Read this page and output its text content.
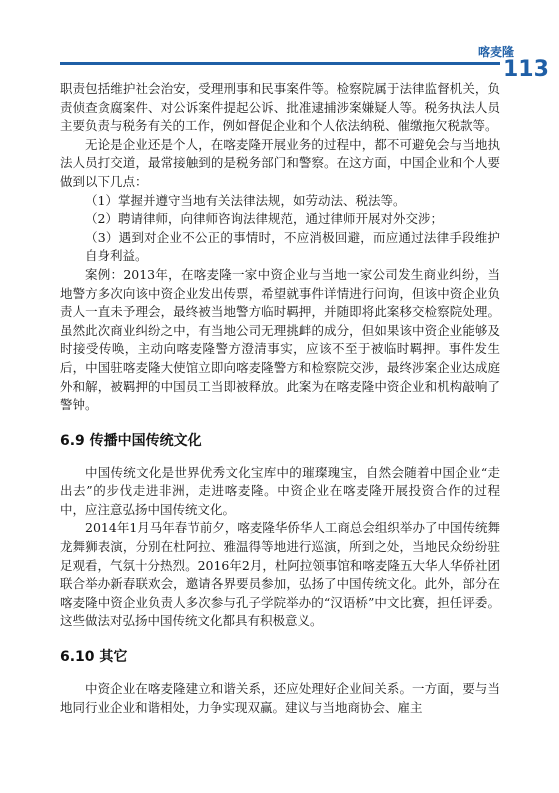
喀麦隆
113

职责包括维护社会治安，受理刑事和民事案件等。检察院属于法律监督机关，负责侦查贪腐案件、对公诉案件提起公诉、批准逮捕涉案嫌疑人等。税务执法人员主要负责与税务有关的工作，例如督促企业和个人依法纳税、催缴拖欠税款等。

无论是企业还是个人，在喀麦隆开展业务的过程中，都不可避免会与当地执法人员打交道，最常接触到的是税务部门和警察。在这方面，中国企业和个人要做到以下几点：

（1）掌握并遵守当地有关法律法规，如劳动法、税法等。

（2）聘请律师，向律师咨询法律规范，通过律师开展对外交涉；

（3）遇到对企业不公正的事情时，不应消极回避，而应通过法律手段维护自身利益。

案例：2013年，在喀麦隆一家中资企业与当地一家公司发生商业纠纷，当地警方多次向该中资企业发出传票，希望就事件详情进行问询，但该中资企业负责人一直未予理会，最终被当地警方临时羁押，并随即将此案移交检察院处理。虽然此次商业纠纷之中，有当地公司无理挑衅的成分，但如果该中资企业能够及时接受传唤，主动向喀麦隆警方澄清事实，应该不至于被临时羁押。事件发生后，中国驻喀麦隆大使馆立即向喀麦隆警方和检察院交涉，最终涉案企业达成庭外和解，被羁押的中国员工当即被释放。此案为在喀麦隆中资企业和机构敲响了警钟。

6.9 传播中国传统文化

中国传统文化是世界优秀文化宝库中的璀璨瑰宝，自然会随着中国企业“走出去”的步伐走进非洲，走进喀麦隆。中资企业在喀麦隆开展投资合作的过程中，应注意弘扬中国传统文化。

2014年1月马年春节前夕，喀麦隆华侨华人工商总会组织举办了中国传统舞龙舞狮表演，分别在杜阿拉、雅温得等地进行巡演，所到之处，当地民众纷纷驻足观看，气氛十分热烈。2016年2月，杜阿拉领事馆和喀麦隆五大华人华侨社团联合举办新春联欢会，邀请各界要员参加，弘扬了中国传统文化。此外，部分在喀麦隆中资企业负责人多次参与孔子学院举办的“汉语桥”中文比赛，担任评委。这些做法对弘扬中国传统文化都具有积极意义。

6.10 其它

中资企业在喀麦隆建立和谐关系，还应处理好企业间关系。一方面，要与当地同行业企业和谐相处，力争实现双赢。建议与当地商协会、雇主
